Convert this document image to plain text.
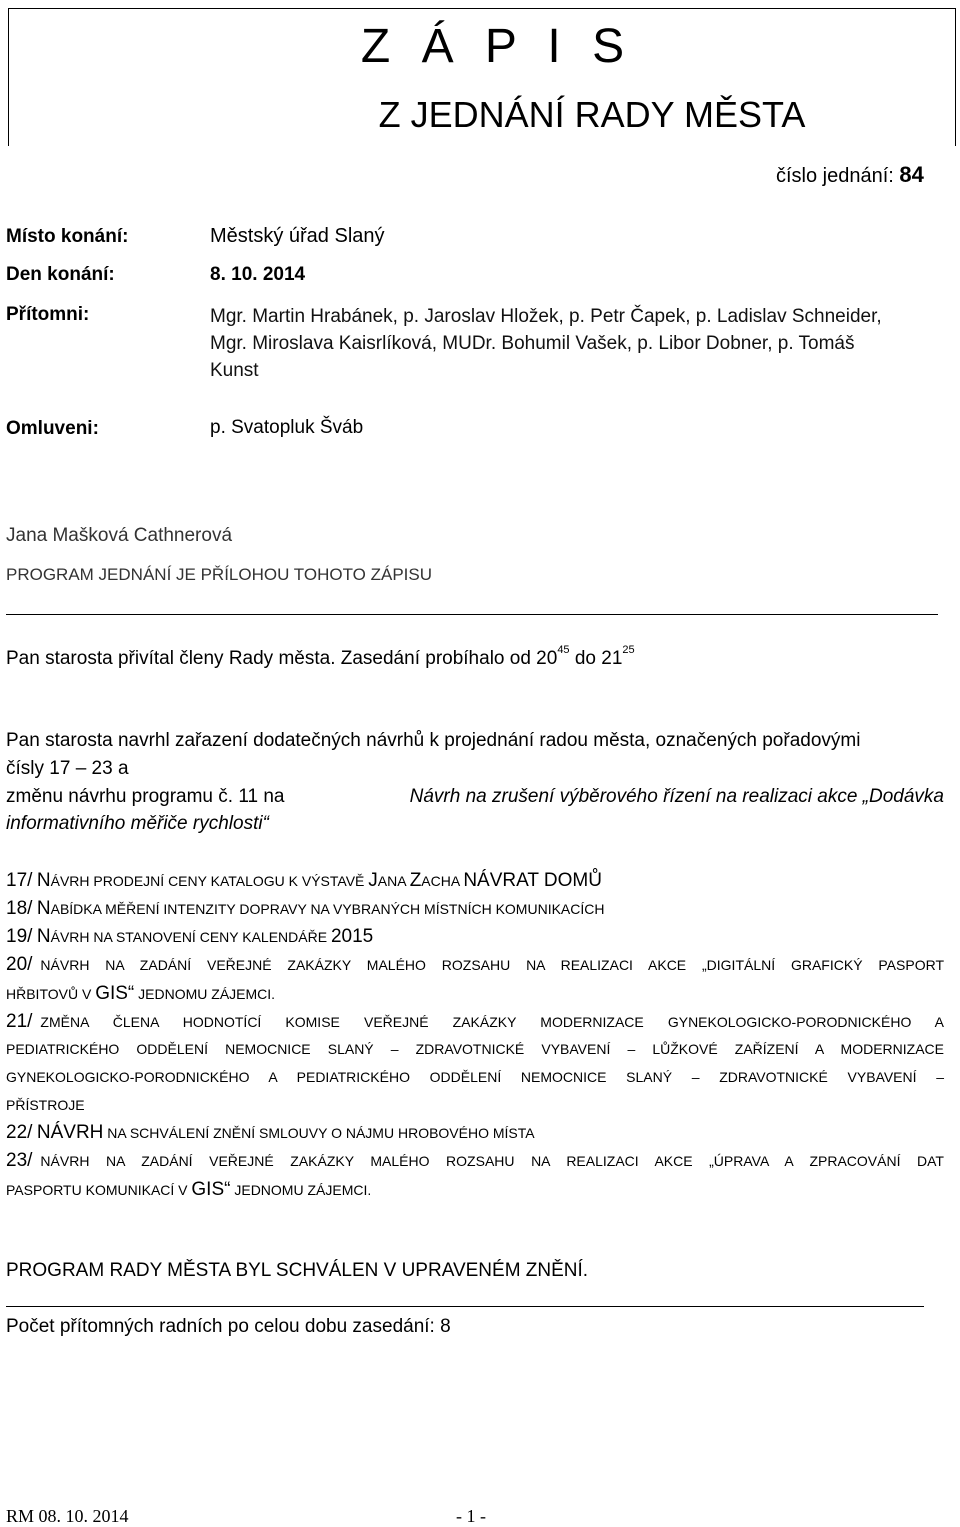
Z Á P I S
Z JEDNÁNÍ RADY MĚSTA
číslo jednání: 84
Místo konání:	Městský úřad Slaný
Den konání:	8. 10. 2014
Přítomni:	Mgr. Martin Hrabánek, p. Jaroslav Hložek, p. Petr Čapek, p. Ladislav Schneider,
Mgr. Miroslava Kaisrlíková, MUDr. Bohumil Vašek, p. Libor Dobner, p. Tomáš
Kunst
Omluveni:	p. Svatopluk Šváb
Jana Mašková Cathnerová
PROGRAM JEDNÁNÍ JE PŘÍLOHOU TOHOTO ZÁPISU
Pan starosta přivítal členy Rady města. Zasedání probíhalo od $20^{45}$ do $21^{25}$
Pan starosta navrhl zařazení dodatečných návrhů k projednání radou města, označených pořadovými
čísly 17 – 23 a
změnu návrhu programu č. 11 na	Návrh na zrušení výběrového řízení na realizaci akce „Dodávka
informativního měřiče rychlosti“
17/ NÁVRH PRODEJNÍ CENY KATALOGU K VÝSTAVĚ JANA ZACHA NÁVRAT DOMŮ
18/ NABÍDKA MĚŘENÍ INTENZITY DOPRAVY NA VYBRANÝCH MÍSTNÍCH KOMUNIKACÍCH
19/ NÁVRH NA STANOVENÍ CENY KALENDÁŘE 2015
20/ NÁVRH NA ZADÁNÍ VEŘEJNÉ ZAKÁZKY MALÉHO ROZSAHU NA REALIZACI AKCE „DIGITÁLNÍ GRAFICKÝ PASPORT
HŘBITOVŮ V GIS“ JEDNOMU ZÁJEMCI.
21/ ZMĚNA ČLENA HODNOTÍCÍ KOMISE VEŘEJNÉ ZAKÁZKY MODERNIZACE GYNEKOLOGICKO-PORODNICKÉHO A
PEDIATRICKÉHO ODDĚLENÍ NEMOCNICE SLANÝ – ZDRAVOTNICKÉ VYBAVENÍ – LŮŽKOVÉ ZAŘÍZENÍ A MODERNIZACE
GYNEKOLOGICKO-PORODNICKÉHO A PEDIATRICKÉHO ODDĚLENÍ NEMOCNICE SLANÝ – ZDRAVOTNICKÉ VYBAVENÍ –
PŘÍSTROJE
22/ NÁVRH NA SCHVÁLENÍ ZNĚNÍ SMLOUVY O NÁJMU HROBOVÉHO MÍSTA
23/ NÁVRH NA ZADÁNÍ VEŘEJNÉ ZAKÁZKY MALÉHO ROZSAHU NA REALIZACI AKCE „ÚPRAVA A ZPRACOVÁNÍ DAT
PASPORTU KOMUNIKACÍ V GIS“ JEDNOMU ZÁJEMCI.
PROGRAM RADY MĚSTA BYL SCHVÁLEN V UPRAVENÉM ZNĚNÍ.
Počet přítomných radních po celou dobu zasedání: 8
RM 08. 10. 2014	- 1 -
